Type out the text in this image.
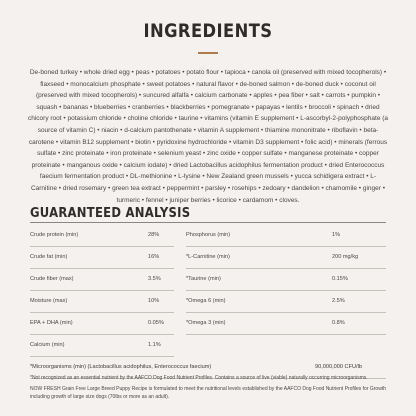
INGREDIENTS
De-boned turkey • whole dried egg • peas • potatoes • potato flour • tapioca • canola oil (preserved with mixed tocopherols) • flaxseed • monocalcium phosphate • sweet potatoes • natural flavor • de-boned salmon • de-boned duck • coconut oil (preserved with mixed tocopherols) • suncured alfalfa • calcium carbonate • apples • pea fiber • salt • carrots • pumpkin • squash • bananas • blueberries • cranberries • blackberries • pomegranate • papayas • lentils • broccoli • spinach • dried chicory root • potassium chloride • choline chloride • taurine • vitamins (vitamin E supplement • L-ascorbyl-2-polyphosphate (a source of vitamin C) • niacin • d-calcium pantothenate • vitamin A supplement • thiamine mononitrate • riboflavin • beta-carotene • vitamin B12 supplement • biotin • pyridoxine hydrochloride • vitamin D3 supplement • folic acid) • minerals (ferrous sulfate • zinc proteinate • iron proteinate • selenium yeast • zinc oxide • copper sulfate • manganese proteinate • copper proteinate • manganous oxide • calcium iodate) • dried Lactobacillus acidophilus fermentation product • dried Enterococcus faecium fermentation product • DL-methionine • L-lysine • New Zealand green mussels • yucca schidigera extract • L-Carnitine • dried rosemary • green tea extract • peppermint • parsley • rosehips • zedoary • dandelion • chamomile • ginger • turmeric • fennel • juniper berries • licorice • cardamom • cloves.
GUARANTEED ANALYSIS
Crude protein (min)	28%	Phosphorus (min)	1%
Crude fat (min)	16%	*L-Carnitine (min)	200 mg/kg
Crude fiber (max)	3.5%	*Taurine (min)	0.15%
Moisture (max)	10%	*Omega 6 (min)	2.5%
EPA + DHA (min)	0.05%	*Omega 3 (min)	0.8%
Calcium (min)	1.1%
*Microorganisms (min) (Lactobacillus acidophilus, Enterococcus faecium)	90,000,000 CFU/lb

*Not recognized as an essential nutrient by the AAFCO Dog Food Nutrient Profiles. Contains a source of live (viable) naturally occurring microorganisms.

NOW FRESH Grain Free Large Breed Puppy Recipe is formulated to meet the nutritional levels established by the AAFCO Dog Food Nutrient Profiles for Growth including growth of large size dogs (70lbs or more as an adult).
